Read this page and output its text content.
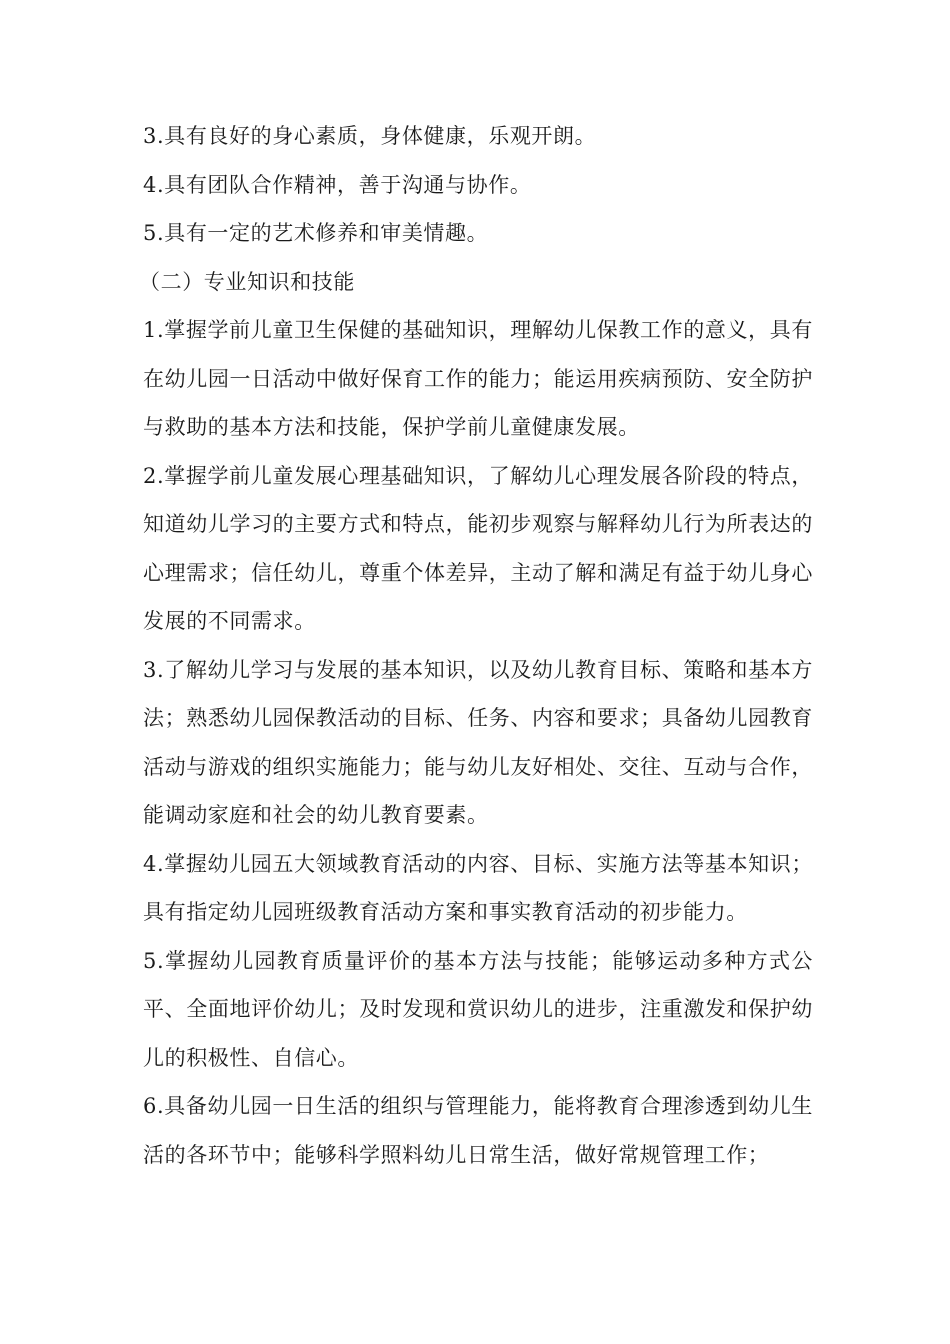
3.具有良好的身心素质，身体健康，乐观开朗。

4.具有团队合作精神，善于沟通与协作。

5.具有一定的艺术修养和审美情趣。

（二）专业知识和技能

1.掌握学前儿童卫生保健的基础知识，理解幼儿保教工作的意义，具有在幼儿园一日活动中做好保育工作的能力；能运用疾病预防、安全防护与救助的基本方法和技能，保护学前儿童健康发展。

2.掌握学前儿童发展心理基础知识，了解幼儿心理发展各阶段的特点，知道幼儿学习的主要方式和特点，能初步观察与解释幼儿行为所表达的心理需求；信任幼儿，尊重个体差异，主动了解和满足有益于幼儿身心发展的不同需求。

3.了解幼儿学习与发展的基本知识，以及幼儿教育目标、策略和基本方法；熟悉幼儿园保教活动的目标、任务、内容和要求；具备幼儿园教育活动与游戏的组织实施能力；能与幼儿友好相处、交往、互动与合作，能调动家庭和社会的幼儿教育要素。

4.掌握幼儿园五大领域教育活动的内容、目标、实施方法等基本知识；具有指定幼儿园班级教育活动方案和事实教育活动的初步能力。

5.掌握幼儿园教育质量评价的基本方法与技能；能够运动多种方式公平、全面地评价幼儿；及时发现和赏识幼儿的进步，注重激发和保护幼儿的积极性、自信心。

6.具备幼儿园一日生活的组织与管理能力，能将教育合理渗透到幼儿生活的各环节中；能够科学照料幼儿日常生活，做好常规管理工作；
